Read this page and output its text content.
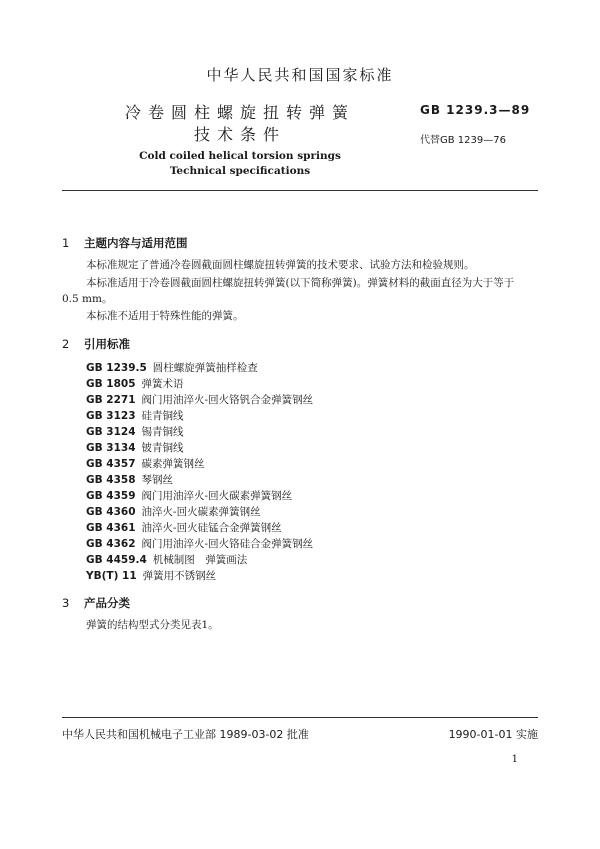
中华人民共和国国家标准
冷卷圆柱螺旋扭转弹簧
技术条件
GB 1239.3—89
代替GB 1239—76
Cold coiled helical torsion springs
Technical specifications
1 主题内容与适用范围
本标准规定了普通冷卷圆截面圆柱螺旋扭转弹簧的技术要求、试验方法和检验规则。
本标准适用于冷卷圆截面圆柱螺旋扭转弹簧(以下简称弹簧)。弹簧材料的截面直径为大于等于
0.5 mm。
本标准不适用于特殊性能的弹簧。
2 引用标准
GB 1239.5 圆柱螺旋弹簧抽样检查
GB 1805 弹簧术语
GB 2271 阀门用油淬火-回火铬钒合金弹簧钢丝
GB 3123 硅青铜线
GB 3124 锡青铜线
GB 3134 铍青铜线
GB 4357 碳素弹簧钢丝
GB 4358 琴钢丝
GB 4359 阀门用油淬火-回火碳素弹簧钢丝
GB 4360 油淬火-回火碳素弹簧钢丝
GB 4361 油淬火-回火硅锰合金弹簧钢丝
GB 4362 阀门用油淬火-回火铬硅合金弹簧钢丝
GB 4459.4 机械制图　弹簧画法
YB(T) 11 弹簧用不锈钢丝
3 产品分类
弹簧的结构型式分类见表1。
中华人民共和国机械电子工业部 1989-03-02 批准	1990-01-01 实施
1
